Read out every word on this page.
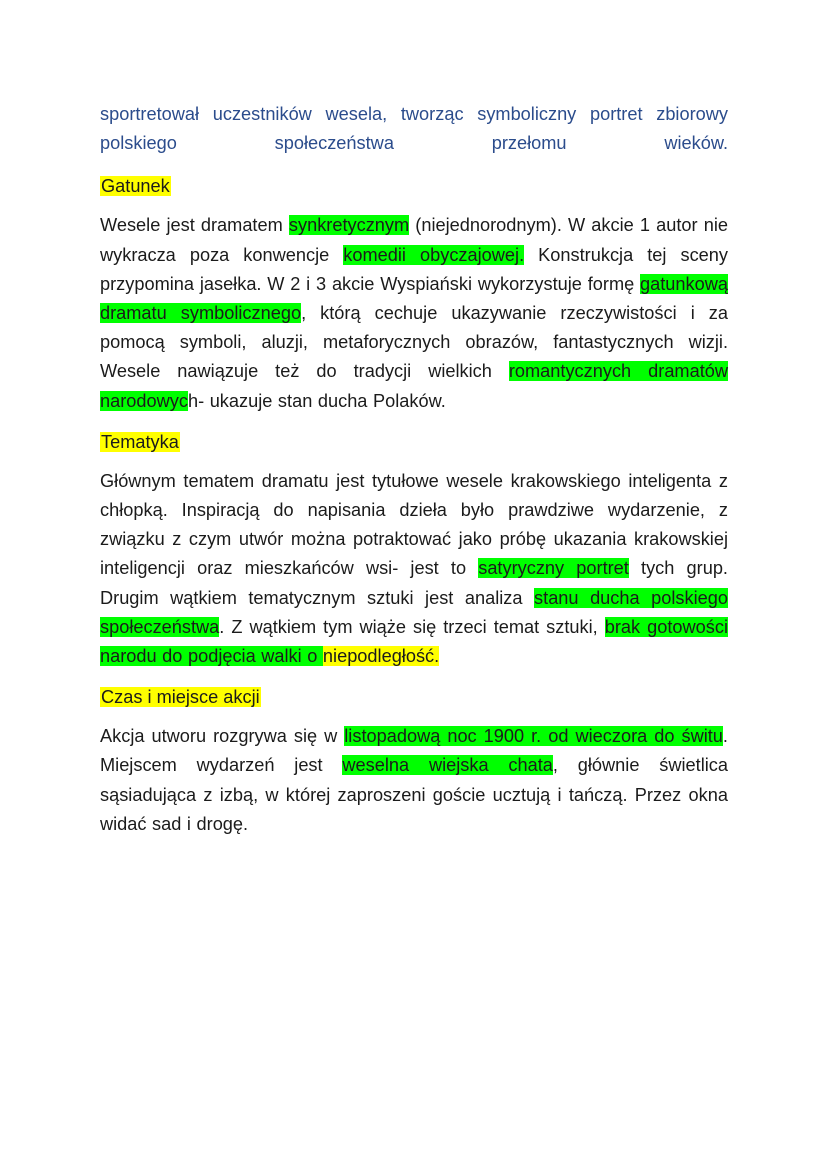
sportretował uczestników wesela, tworząc symboliczny portret zbiorowy polskiego społeczeństwa przełomu wieków.

Gatunek

Wesele jest dramatem synkretycznym (niejednorodnym). W akcie 1 autor nie wykracza poza konwencje komedii obyczajowej. Konstrukcja tej sceny przypomina jasełka. W 2 i 3 akcie Wyspiański wykorzystuje formę gatunkową dramatu symbolicznego, którą cechuje ukazywanie rzeczywistości i za pomocą symboli, aluzji, metaforycznych obrazów, fantastycznych wizji. Wesele nawiązuje też do tradycji wielkich romantycznych dramatów narodowych- ukazuje stan ducha Polaków.

Tematyka

Głównym tematem dramatu jest tytułowe wesele krakowskiego inteligenta z chłopką. Inspiracją do napisania dzieła było prawdziwe wydarzenie, z związku z czym utwór można potraktować jako próbę ukazania krakowskiej inteligencji oraz mieszkańców wsi- jest to satyryczny portret tych grup. Drugim wątkiem tematycznym sztuki jest analiza stanu ducha polskiego społeczeństwa. Z wątkiem tym wiąże się trzeci temat sztuki, brak gotowości narodu do podjęcia walki o niepodległość.

Czas i miejsce akcji

Akcja utworu rozgrywa się w listopadową noc 1900 r. od wieczora do świtu. Miejscem wydarzeń jest weselna wiejska chata, głównie świetlica sąsiadująca z izbą, w której zaproszeni goście ucztują i tańczą. Przez okna widać sad i drogę.
